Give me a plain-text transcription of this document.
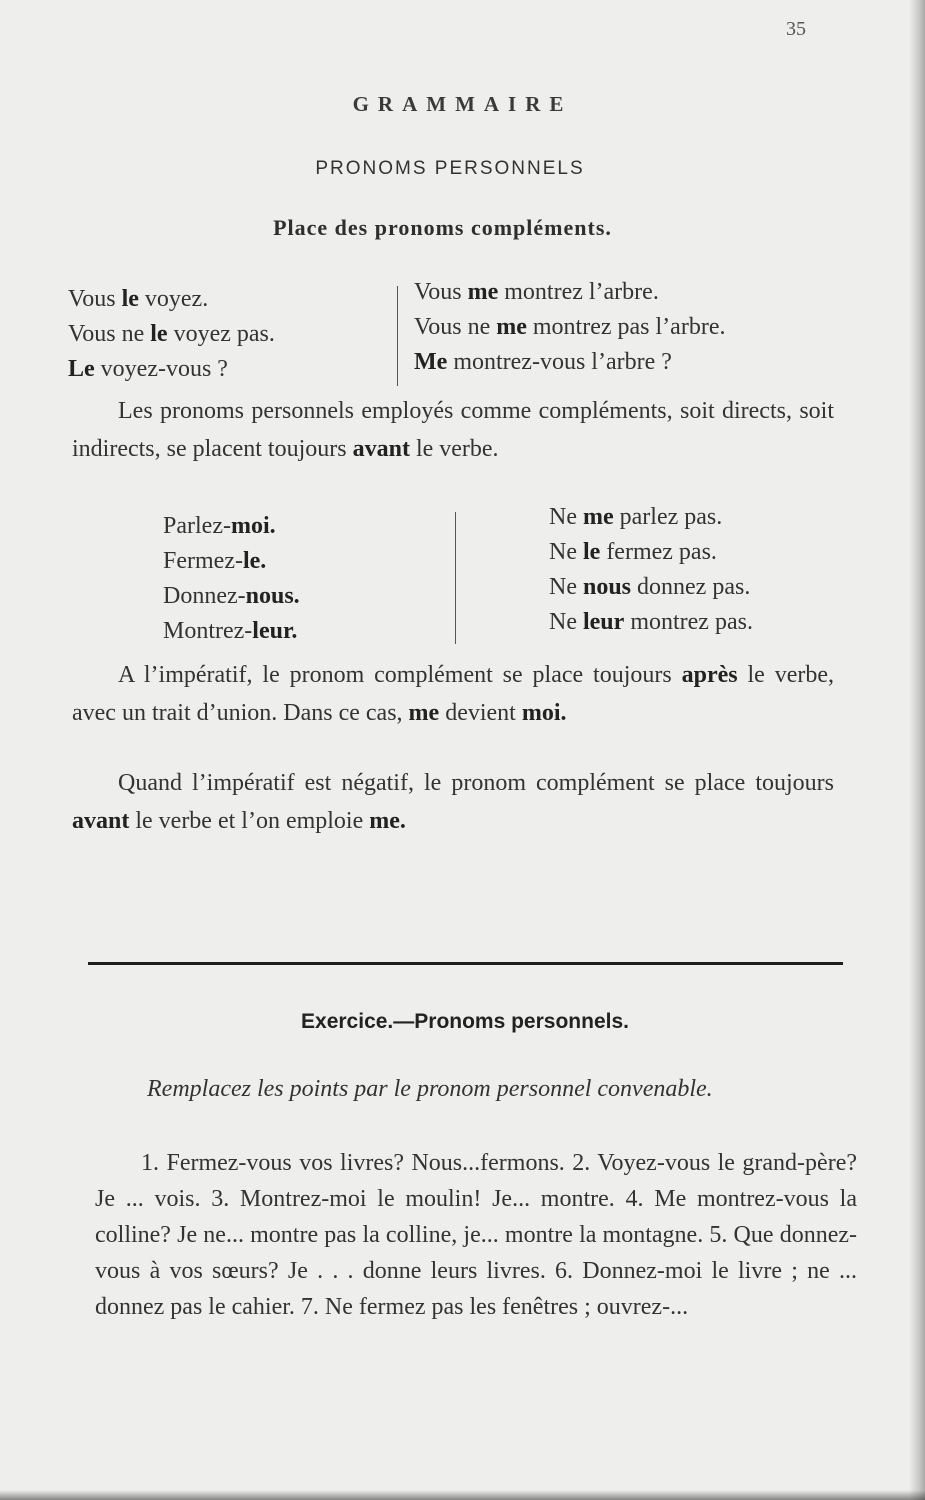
35
GRAMMAIRE
PRONOMS PERSONNELS
Place des pronoms compléments.
Vous le voyez.
Vous ne le voyez pas.
Le voyez-vous ?
Vous me montrez l’arbre.
Vous ne me montrez pas l’arbre.
Me montrez-vous l’arbre ?

Les pronoms personnels employés comme compléments, soit directs, soit indirects, se placent toujours avant le verbe.

Parlez-moi.
Fermez-le.
Donnez-nous.
Montrez-leur.
Ne me parlez pas.
Ne le fermez pas.
Ne nous donnez pas.
Ne leur montrez pas.

A l’impératif, le pronom complément se place toujours après le verbe, avec un trait d’union. Dans ce cas, me devient moi.

Quand l’impératif est négatif, le pronom complément se place toujours avant le verbe et l’on emploie me.

Exercice.—Pronoms personnels.

Remplacez les points par le pronom personnel convenable.

1. Fermez-vous vos livres? Nous...fermons. 2. Voyez-vous le grand-père? Je ... vois. 3. Montrez-moi le moulin! Je... montre. 4. Me montrez-vous la colline? Je ne... montre pas la colline, je... montre la montagne. 5. Que donnez-vous à vos sœurs? Je . . . donne leurs livres. 6. Donnez-moi le livre ; ne ... donnez pas le cahier. 7. Ne fermez pas les fenêtres ; ouvrez-...
